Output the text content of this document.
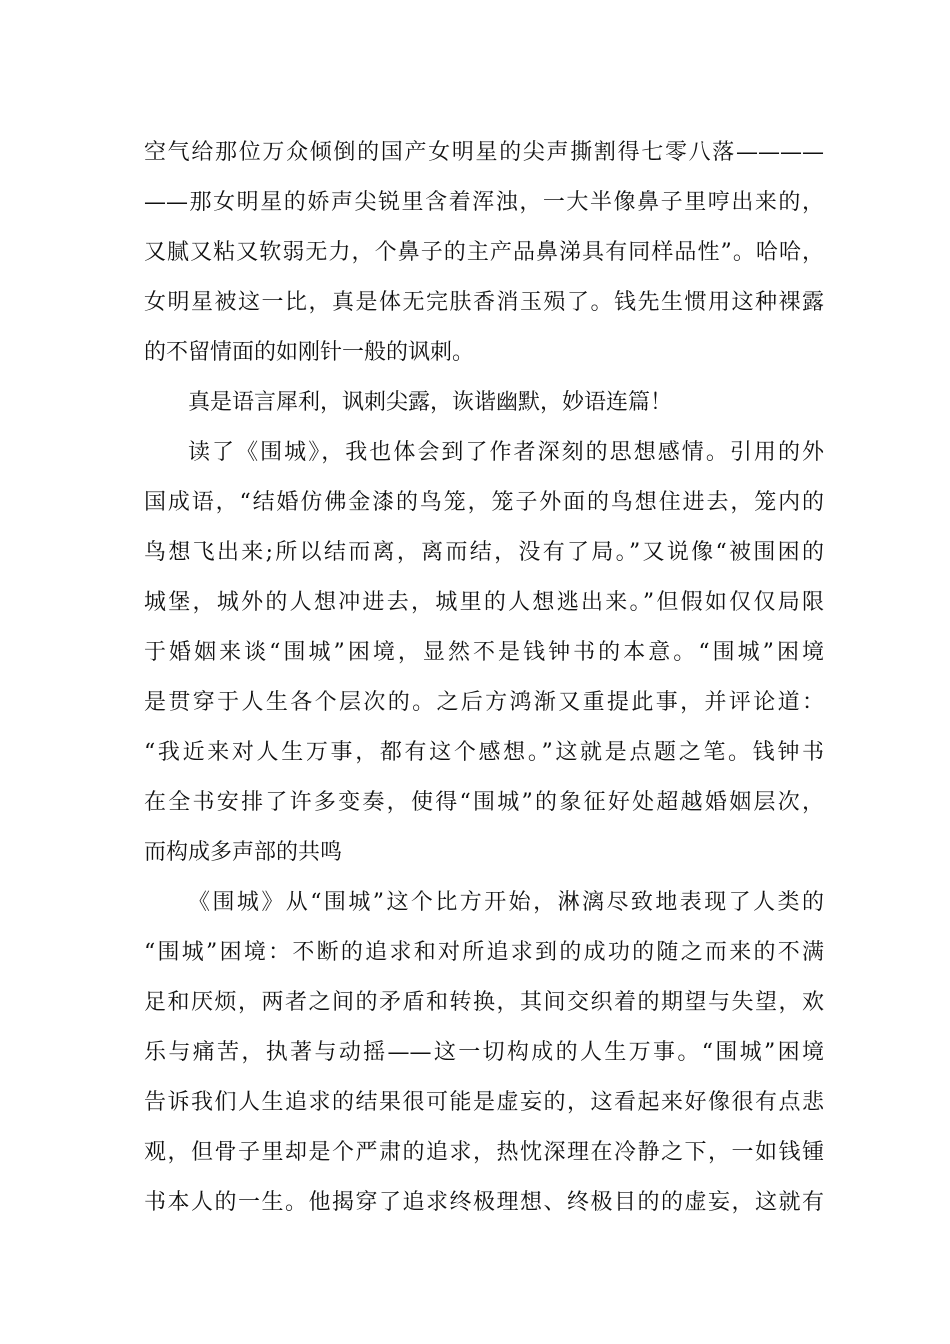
空气给那位万众倾倒的国产女明星的尖声撕割得七零八落————
——那女明星的娇声尖锐里含着浑浊，一大半像鼻子里哼出来的，
又腻又粘又软弱无力，个鼻子的主产品鼻涕具有同样品性”。哈哈，
女明星被这一比，真是体无完肤香消玉殒了。钱先生惯用这种裸露
的不留情面的如刚针一般的讽刺。
真是语言犀利，讽刺尖露，诙谐幽默，妙语连篇！
读了《围城》，我也体会到了作者深刻的思想感情。引用的外
国成语，“结婚仿佛金漆的鸟笼，笼子外面的鸟想住进去，笼内的
鸟想飞出来;所以结而离，离而结，没有了局。”又说像“被围困的
城堡，城外的人想冲进去，城里的人想逃出来。”但假如仅仅局限
于婚姻来谈“围城”困境，显然不是钱钟书的本意。“围城”困境
是贯穿于人生各个层次的。之后方鸿渐又重提此事，并评论道：
“我近来对人生万事，都有这个感想。”这就是点题之笔。钱钟书
在全书安排了许多变奏，使得“围城”的象征好处超越婚姻层次，
而构成多声部的共鸣
《围城》从“围城”这个比方开始，淋漓尽致地表现了人类的
“围城”困境：不断的追求和对所追求到的成功的随之而来的不满
足和厌烦，两者之间的矛盾和转换，其间交织着的期望与失望，欢
乐与痛苦，执著与动摇——这一切构成的人生万事。“围城”困境
告诉我们人生追求的结果很可能是虚妄的，这看起来好像很有点悲
观，但骨子里却是个严肃的追求，热忱深理在冷静之下，一如钱锺
书本人的一生。他揭穿了追求终极理想、终极目的的虚妄，这就有
